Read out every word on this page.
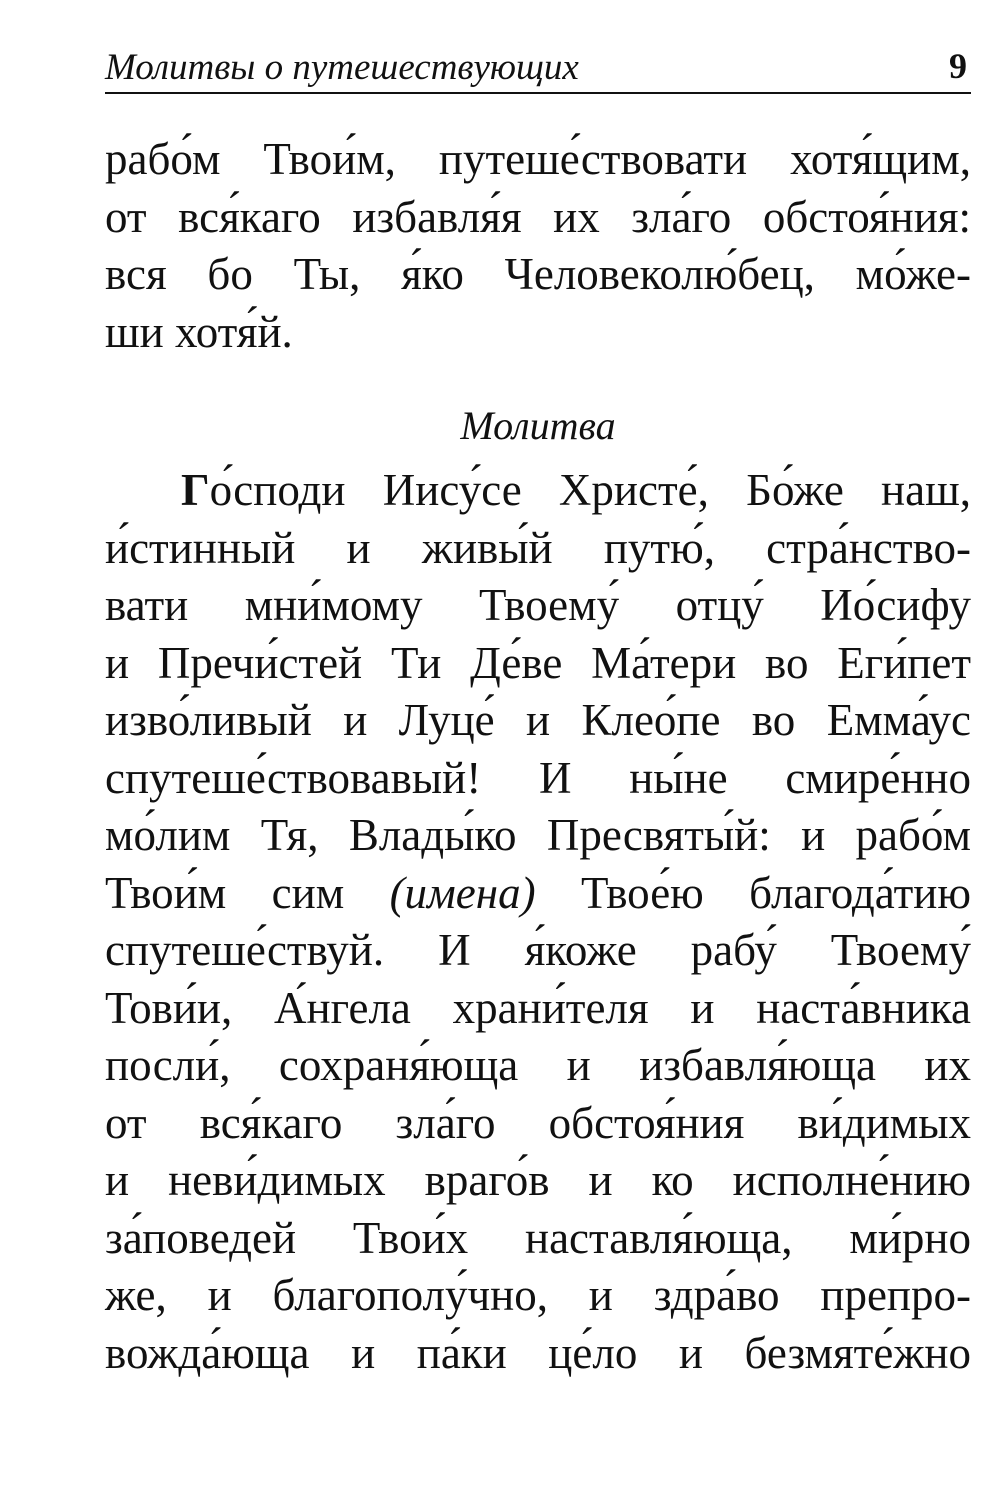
Молитвы о путешествующих	9
рабо́м Твои́м, путеше́ствовати хотя́щим,
от вся́каго избавля́я их зла́го обстоя́ния:
вся бо Ты, я́ко Человеколю́бец, мо́же-
ши хотя́й.
Молитва
Го́споди Иису́се Христе́, Бо́же наш,
и́стинный и живы́й путю́, стра́нство-
вати мни́мому Твоему́ отцу́ Ио́сифу
и Пречи́стей Ти Де́ве Ма́тери во Еги́пет
изво́ливый и Луце́ и Клео́пе во Емма́ус
спутеше́ствовавый! И ны́не смире́нно
мо́лим Тя, Влады́ко Пресвяты́й: и рабо́м
Твои́м сим (имена) Твое́ю благода́тию
спутеше́ствуй. И я́коже рабу́ Твоему́
Тови́и, А́нгела храни́теля и наста́вника
посли́, сохраня́юща и избавля́юща их
от вся́каго зла́го обстоя́ния ви́димых
и неви́димых враго́в и ко исполне́нию
за́поведей Твои́х наставля́юща, ми́рно
же, и благополу́чно, и здра́во препро-
вожда́юща и па́ки це́ло и безмяте́жно
